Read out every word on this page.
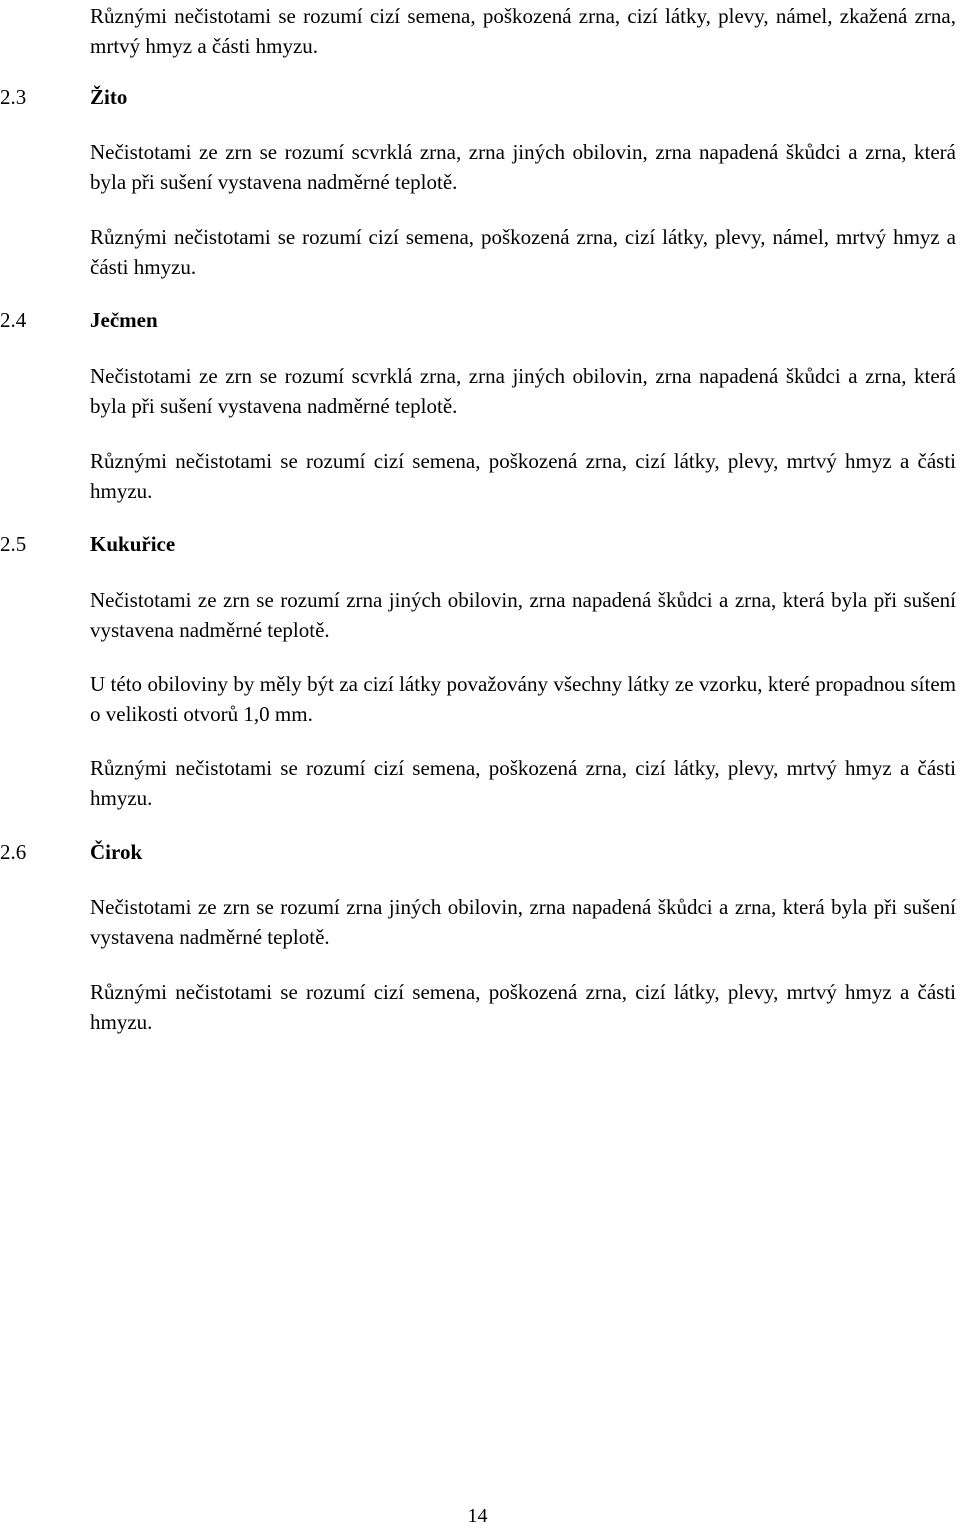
Různými nečistotami se rozumí cizí semena, poškozená zrna, cizí látky, plevy, námel, zkažená zrna, mrtvý hmyz a části hmyzu.

2.3	Žito

Nečistotami ze zrn se rozumí scvrklá zrna, zrna jiných obilovin, zrna napadená škůdci a zrna, která byla při sušení vystavena nadměrné teplotě.

Různými nečistotami se rozumí cizí semena, poškozená zrna, cizí látky, plevy, námel, mrtvý hmyz a části hmyzu.

2.4	Ječmen

Nečistotami ze zrn se rozumí scvrklá zrna, zrna jiných obilovin, zrna napadená škůdci a zrna, která byla při sušení vystavena nadměrné teplotě.

Různými nečistotami se rozumí cizí semena, poškozená zrna, cizí látky, plevy, mrtvý hmyz a části hmyzu.

2.5	Kukuřice

Nečistotami ze zrn se rozumí zrna jiných obilovin, zrna napadená škůdci a zrna, která byla při sušení vystavena nadměrné teplotě.

U této obiloviny by měly být za cizí látky považovány všechny látky ze vzorku, které propadnou sítem o velikosti otvorů 1,0 mm.

Různými nečistotami se rozumí cizí semena, poškozená zrna, cizí látky, plevy, mrtvý hmyz a části hmyzu.

2.6	Čirok

Nečistotami ze zrn se rozumí zrna jiných obilovin, zrna napadená škůdci a zrna, která byla při sušení vystavena nadměrné teplotě.

Různými nečistotami se rozumí cizí semena, poškozená zrna, cizí látky, plevy, mrtvý hmyz a části hmyzu.

14
